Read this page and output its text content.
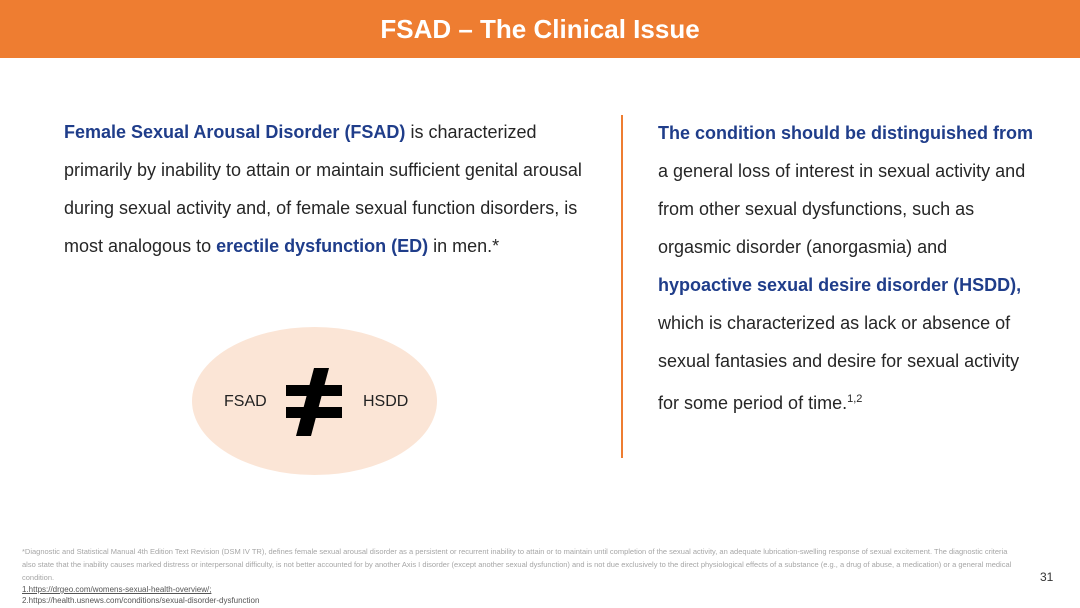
FSAD – The Clinical Issue
Female Sexual Arousal Disorder (FSAD) is characterized primarily by inability to attain or maintain sufficient genital arousal during sexual activity and, of female sexual function disorders, is most analogous to erectile dysfunction (ED) in men.*
The condition should be distinguished from a general loss of interest in sexual activity and from other sexual dysfunctions, such as orgasmic disorder (anorgasmia) and hypoactive sexual desire disorder (HSDD), which is characterized as lack or absence of sexual fantasies and desire for sexual activity for some period of time.$^{1,2}$
FSAD	HSDD
*Diagnostic and Statistical Manual 4th Edition Text Revision (DSM IV TR), defines female sexual arousal disorder as a persistent or recurrent inability to attain or to maintain until completion of the sexual activity, an adequate lubrication-swelling response of sexual excitement. The diagnostic criteria also state that the inability causes marked distress or interpersonal difficulty, is not better accounted for by another Axis I disorder (except another sexual dysfunction) and is not due exclusively to the direct physiological effects of a substance (e.g., a drug of abuse, a medication) or a general medical condition.
1.https://drgeo.com/womens-sexual-health-overview/;
2.https://health.usnews.com/conditions/sexual-disorder-dysfunction
31
